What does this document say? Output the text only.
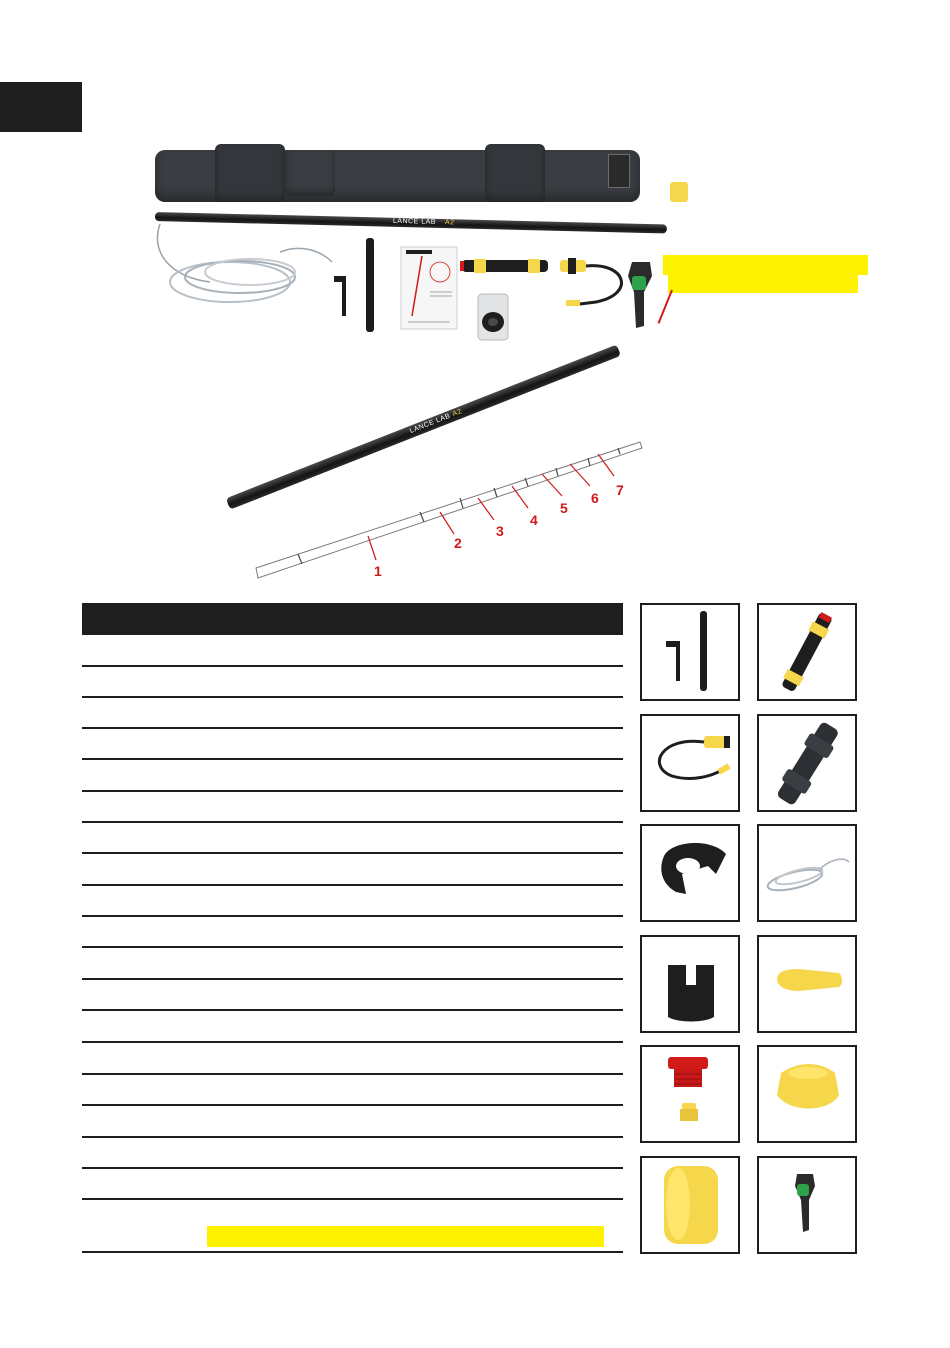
LANCE LAB A2
LANCE LAB A2
1
2
3
4
5
6 7
